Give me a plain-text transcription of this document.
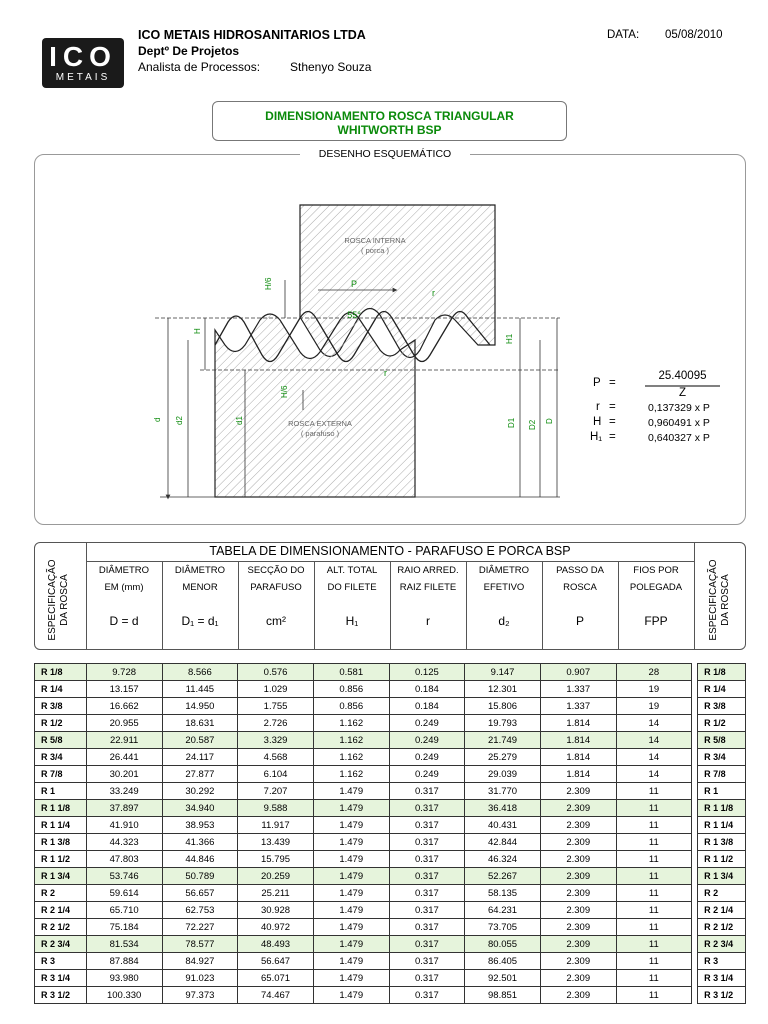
ICO
METAIS
ICO METAIS HIDROSANITARIOS LTDA
Deptº De Projetos
Analista de Processos: Sthenyo Souza
DATA: 05/08/2010
DIMENSIONAMENTO ROSCA TRIANGULAR
WHITWORTH BSP
DESENHO ESQUEMÁTICO
ROSCA INTERNA
( porca )
ROSCA EXTERNA
( parafuso )
55°
P
r
r
H
H/6
H/6
H1
d d2	d1	D1 D2 D
P =
25.40095
Z
r =	0,137329 x P
H =	0,960491 x P
H₁ =	0,640327 x P
TABELA DE DIMENSIONAMENTO - PARAFUSO E PORCA BSP
ESPECIFICAÇÃO DA ROSCA	ESPECIFICAÇÃO DA ROSCA
DIÂMETRO
EM (mm)
D = d
DIÂMETRO
MENOR
D₁ = d₁
SECÇÃO DO
PARAFUSO
cm²
ALT. TOTAL
DO FILETE
H₁
RAIO ARRED.
RAIZ FILETE
r
DIÂMETRO
EFETIVO
d₂
PASSO DA
ROSCA
P
FIOS POR
POLEGADA
FPP
R 1/8	9.728	8.566	0.576	0.581	0.125	9.147	0.907	28		R 1/8
R 1/4	13.157	11.445	1.029	0.856	0.184	12.301	1.337	19		R 1/4
R 3/8	16.662	14.950	1.755	0.856	0.184	15.806	1.337	19		R 3/8
R 1/2	20.955	18.631	2.726	1.162	0.249	19.793	1.814	14		R 1/2
R 5/8	22.911	20.587	3.329	1.162	0.249	21.749	1.814	14		R 5/8
R 3/4	26.441	24.117	4.568	1.162	0.249	25.279	1.814	14		R 3/4
R 7/8	30.201	27.877	6.104	1.162	0.249	29.039	1.814	14		R 7/8
R 1	33.249	30.292	7.207	1.479	0.317	31.770	2.309	11		R 1
R 1 1/8	37.897	34.940	9.588	1.479	0.317	36.418	2.309	11		R 1 1/8
R 1 1/4	41.910	38.953	11.917	1.479	0.317	40.431	2.309	11		R 1 1/4
R 1 3/8	44.323	41.366	13.439	1.479	0.317	42.844	2.309	11		R 1 3/8
R 1 1/2	47.803	44.846	15.795	1.479	0.317	46.324	2.309	11		R 1 1/2
R 1 3/4	53.746	50.789	20.259	1.479	0.317	52.267	2.309	11		R 1 3/4
R 2	59.614	56.657	25.211	1.479	0.317	58.135	2.309	11		R 2
R 2 1/4	65.710	62.753	30.928	1.479	0.317	64.231	2.309	11		R 2 1/4
R 2 1/2	75.184	72.227	40.972	1.479	0.317	73.705	2.309	11		R 2 1/2
R 2 3/4	81.534	78.577	48.493	1.479	0.317	80.055	2.309	11		R 2 3/4
R 3	87.884	84.927	56.647	1.479	0.317	86.405	2.309	11		R 3
R 3 1/4	93.980	91.023	65.071	1.479	0.317	92.501	2.309	11		R 3 1/4
R 3 1/2	100.330	97.373	74.467	1.479	0.317	98.851	2.309	11		R 3 1/2
